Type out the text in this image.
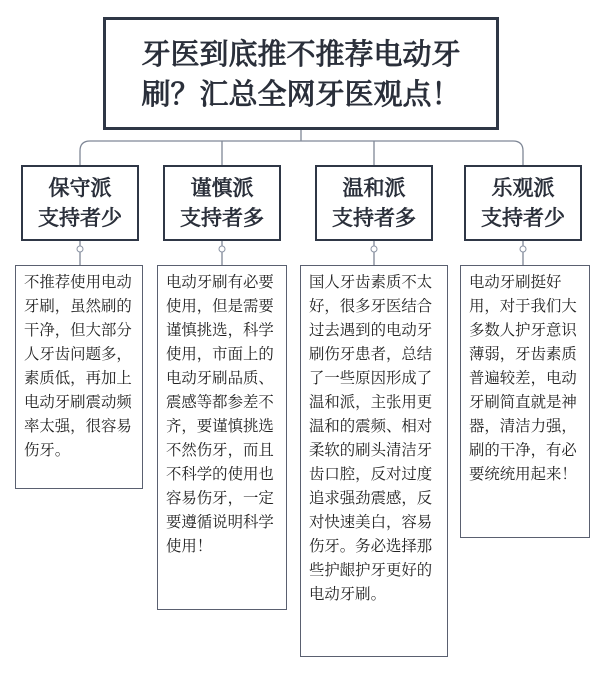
牙医到底推不推荐电动牙
刷？汇总全网牙医观点！

保守派
支持者少

不推荐使用电动牙刷，虽然刷的干净，但大部分人牙齿问题多，素质低，再加上电动牙刷震动频率太强，很容易伤牙。

谨慎派
支持者多

电动牙刷有必要使用，但是需要谨慎挑选，科学使用，市面上的电动牙刷品质、震感等都参差不齐，要谨慎挑选不然伤牙，而且不科学的使用也容易伤牙，一定要遵循说明科学使用！

温和派
支持者多

国人牙齿素质不太好，很多牙医结合过去遇到的电动牙刷伤牙患者，总结了一些原因形成了温和派，主张用更温和的震频、相对柔软的刷头清洁牙齿口腔，反对过度追求强劲震感，反对快速美白，容易伤牙。务必选择那些护龈护牙更好的电动牙刷。

乐观派
支持者少

电动牙刷挺好用，对于我们大多数人护牙意识薄弱，牙齿素质普遍较差，电动牙刷简直就是神器，清洁力强，刷的干净，有必要统统用起来！
